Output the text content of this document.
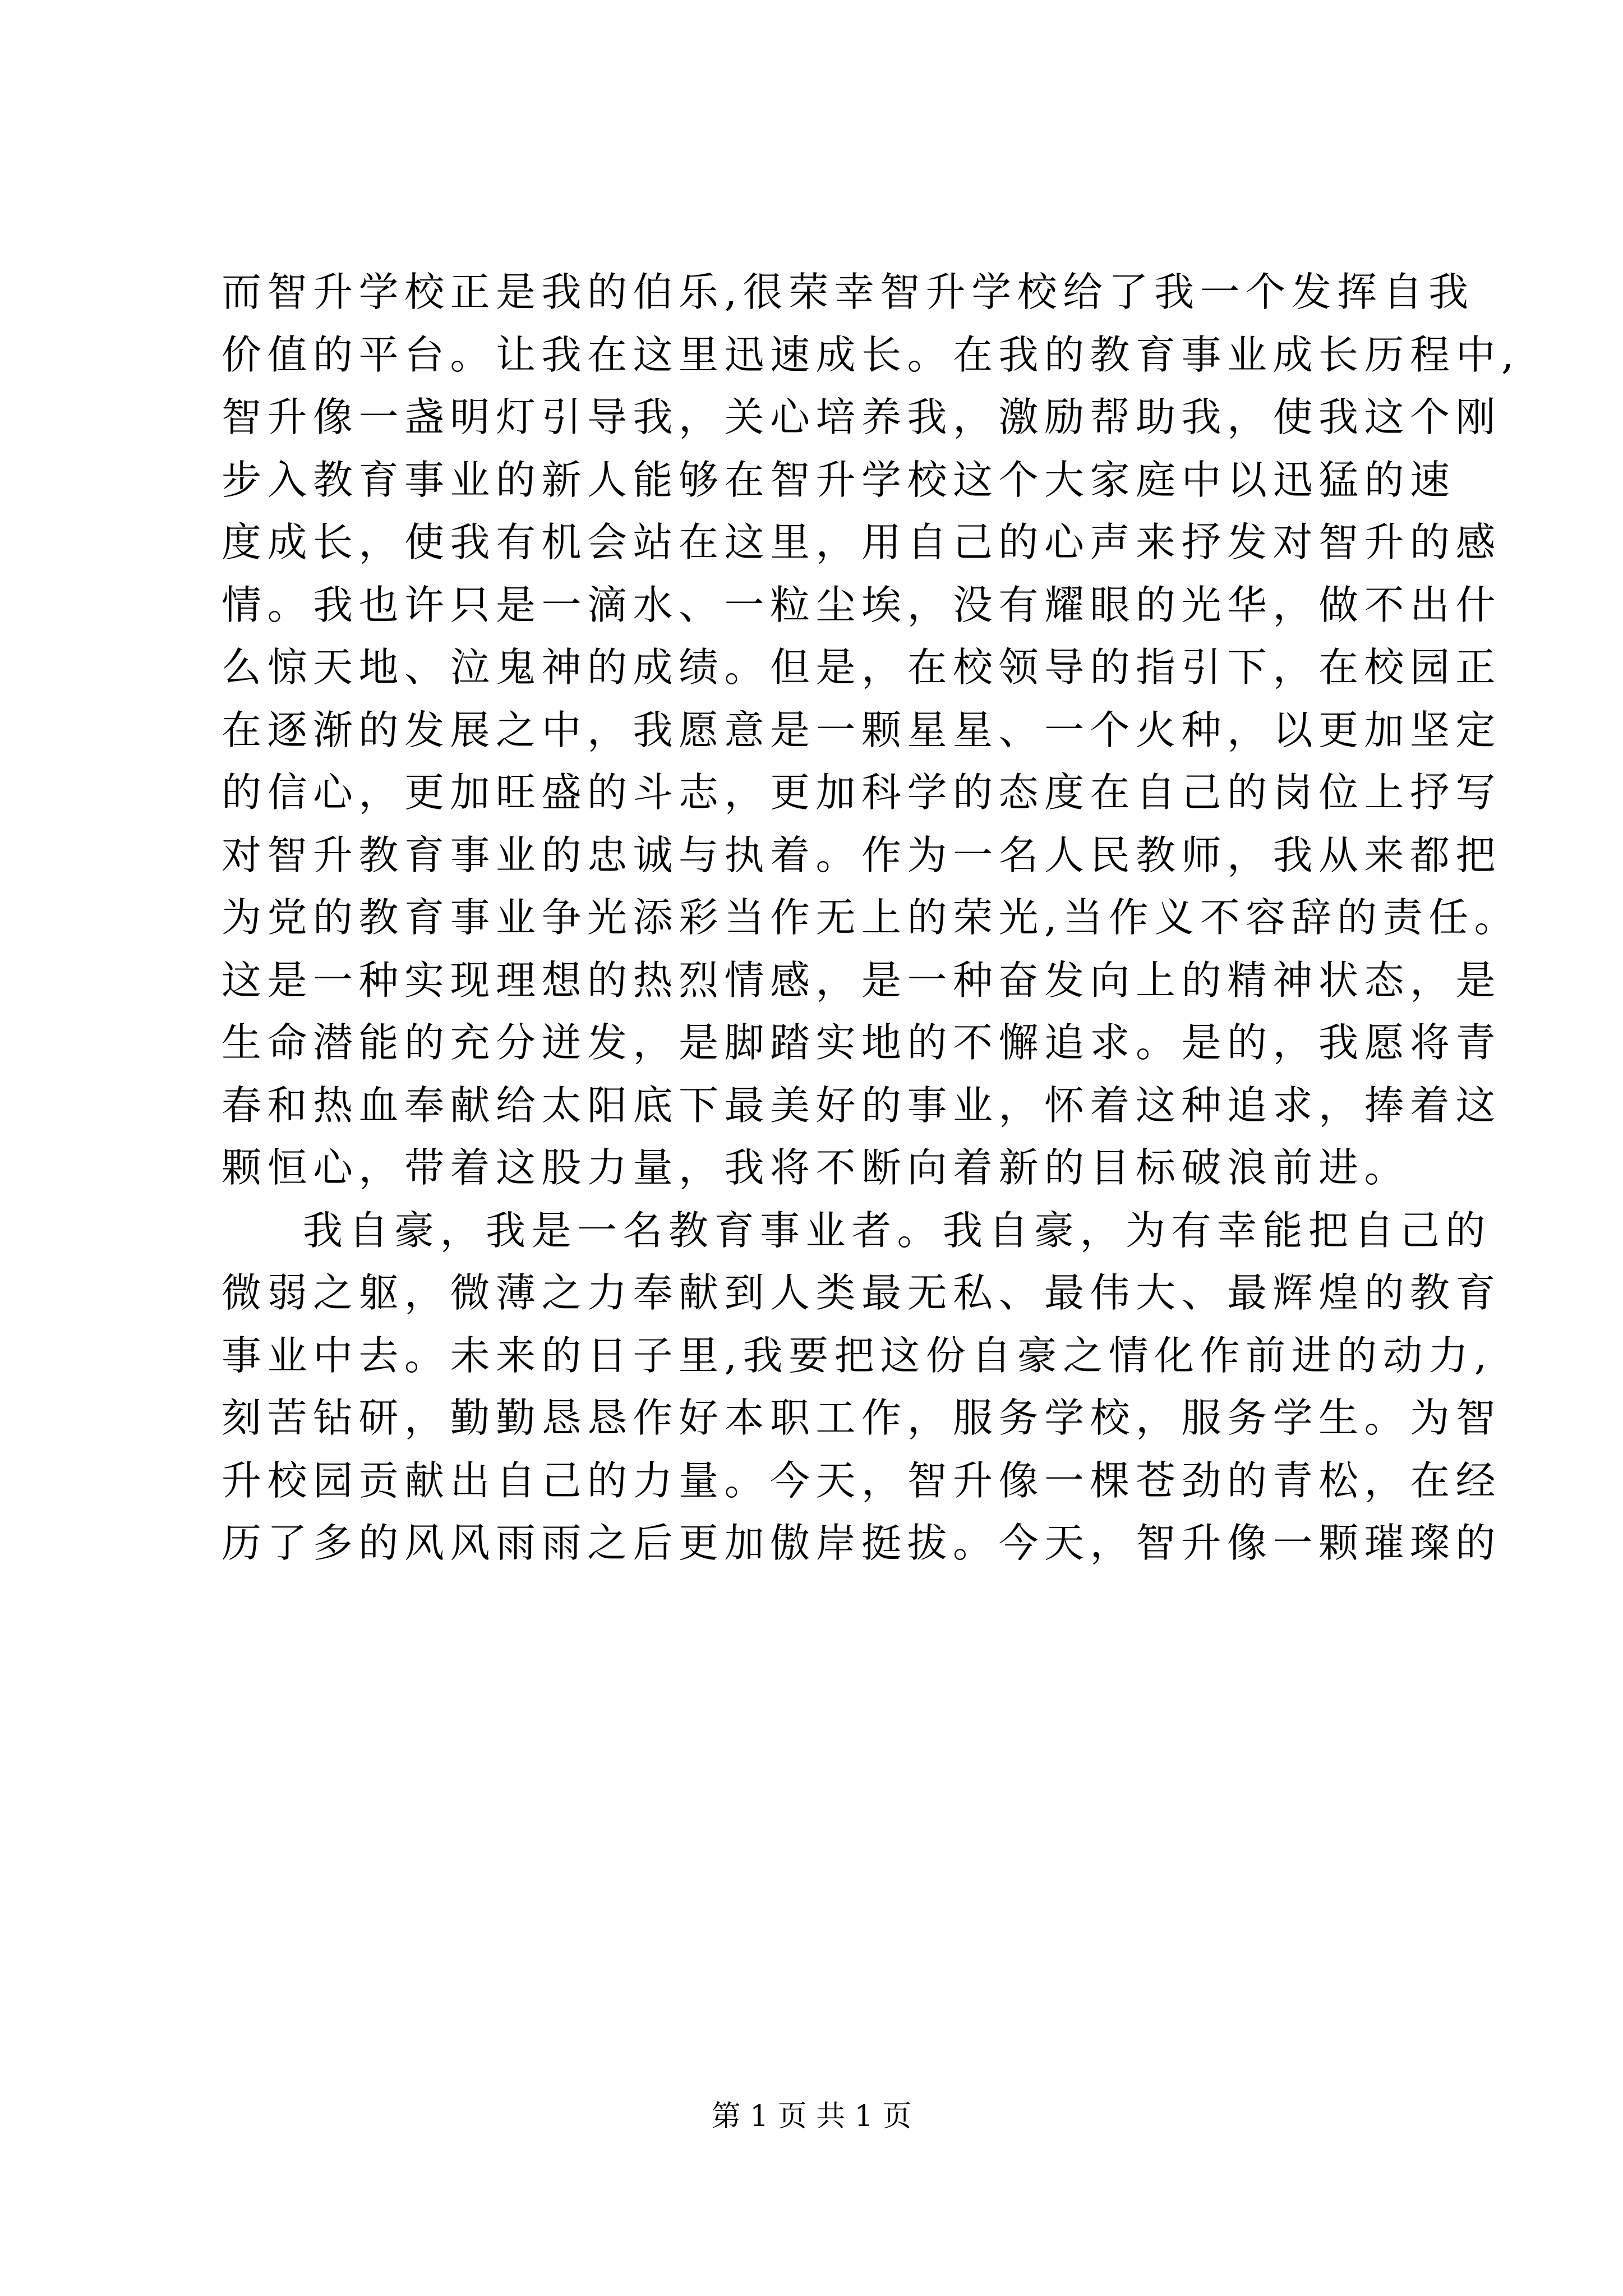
而智升学校正是我的伯乐,很荣幸智升学校给了我一个发挥自我
价值的平台。让我在这里迅速成长。在我的教育事业成长历程中,
智升像一盏明灯引导我，关心培养我，激励帮助我，使我这个刚
步入教育事业的新人能够在智升学校这个大家庭中以迅猛的速
度成长，使我有机会站在这里，用自己的心声来抒发对智升的感
情。我也许只是一滴水、一粒尘埃，没有耀眼的光华，做不出什
么惊天地、泣鬼神的成绩。但是，在校领导的指引下，在校园正
在逐渐的发展之中，我愿意是一颗星星、一个火种，以更加坚定
的信心，更加旺盛的斗志，更加科学的态度在自己的岗位上抒写
对智升教育事业的忠诚与执着。作为一名人民教师，我从来都把
为党的教育事业争光添彩当作无上的荣光,当作义不容辞的责任。
这是一种实现理想的热烈情感，是一种奋发向上的精神状态，是
生命潜能的充分迸发，是脚踏实地的不懈追求。是的，我愿将青
春和热血奉献给太阳底下最美好的事业，怀着这种追求，捧着这
颗恒心，带着这股力量，我将不断向着新的目标破浪前进。
我自豪，我是一名教育事业者。我自豪，为有幸能把自己的
微弱之躯，微薄之力奉献到人类最无私、最伟大、最辉煌的教育
事业中去。未来的日子里,我要把这份自豪之情化作前进的动力,
刻苦钻研，勤勤恳恳作好本职工作，服务学校，服务学生。为智
升校园贡献出自己的力量。今天，智升像一棵苍劲的青松，在经
历了多的风风雨雨之后更加傲岸挺拔。今天，智升像一颗璀璨的
第 1 页 共 1 页
